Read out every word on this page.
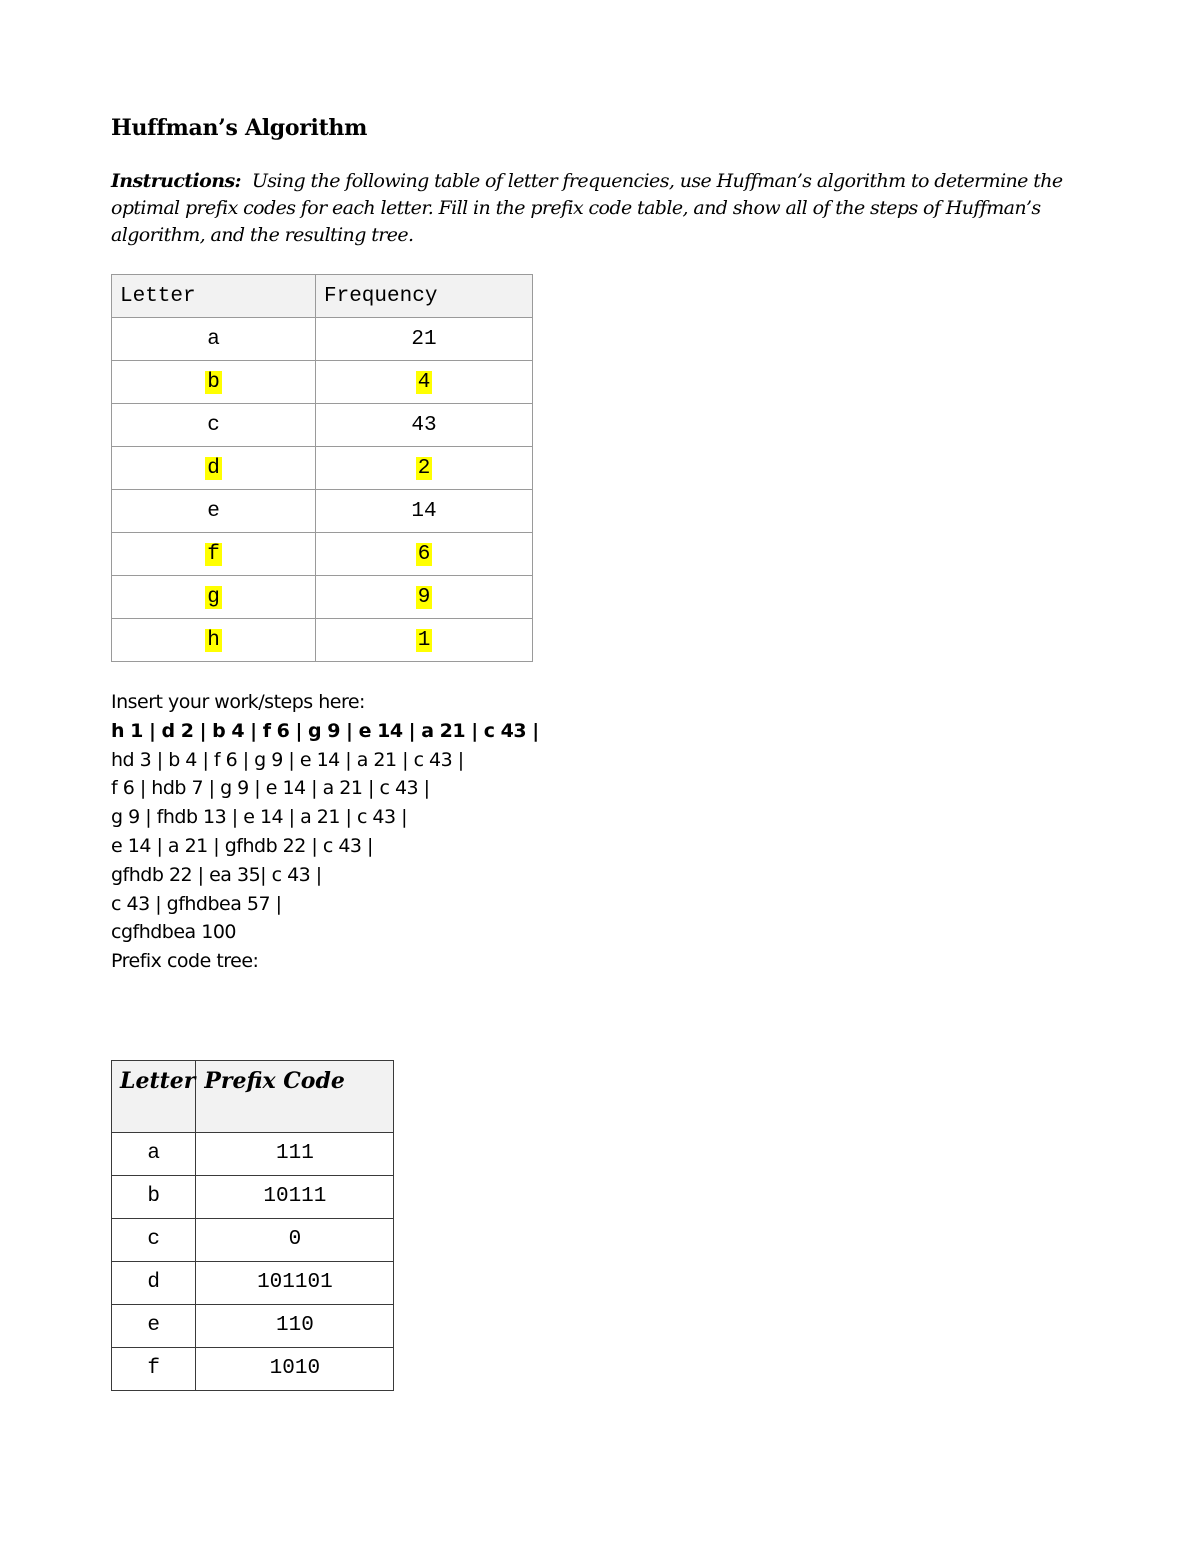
Huffman’s Algorithm
Instructions: Using the following table of letter frequencies, use Huffman’s algorithm to determine the optimal prefix codes for each letter. Fill in the prefix code table, and show all of the steps of Huffman’s algorithm, and the resulting tree.
Letter	Frequency
a	21
b	4
c	43
d	2
e	14
f	6
g	9
h	1
Insert your work/steps here:
h 1 | d 2 | b 4 | f 6 | g 9 | e 14 | a 21 | c 43 |
hd 3 | b 4 | f 6 | g 9 | e 14 | a 21 | c 43 |
f 6 | hdb 7 | g 9 | e 14 | a 21 | c 43 |
g 9 | fhdb 13 | e 14 | a 21 | c 43 |
e 14 | a 21 | gfhdb 22 | c 43 |
gfhdb 22 | ea 35| c 43 |
c 43 | gfhdbea 57 |
cgfhdbea 100
Prefix code tree:
Letter	Prefix Code
a	111
b	10111
c	0
d	101101
e	110
f	1010
